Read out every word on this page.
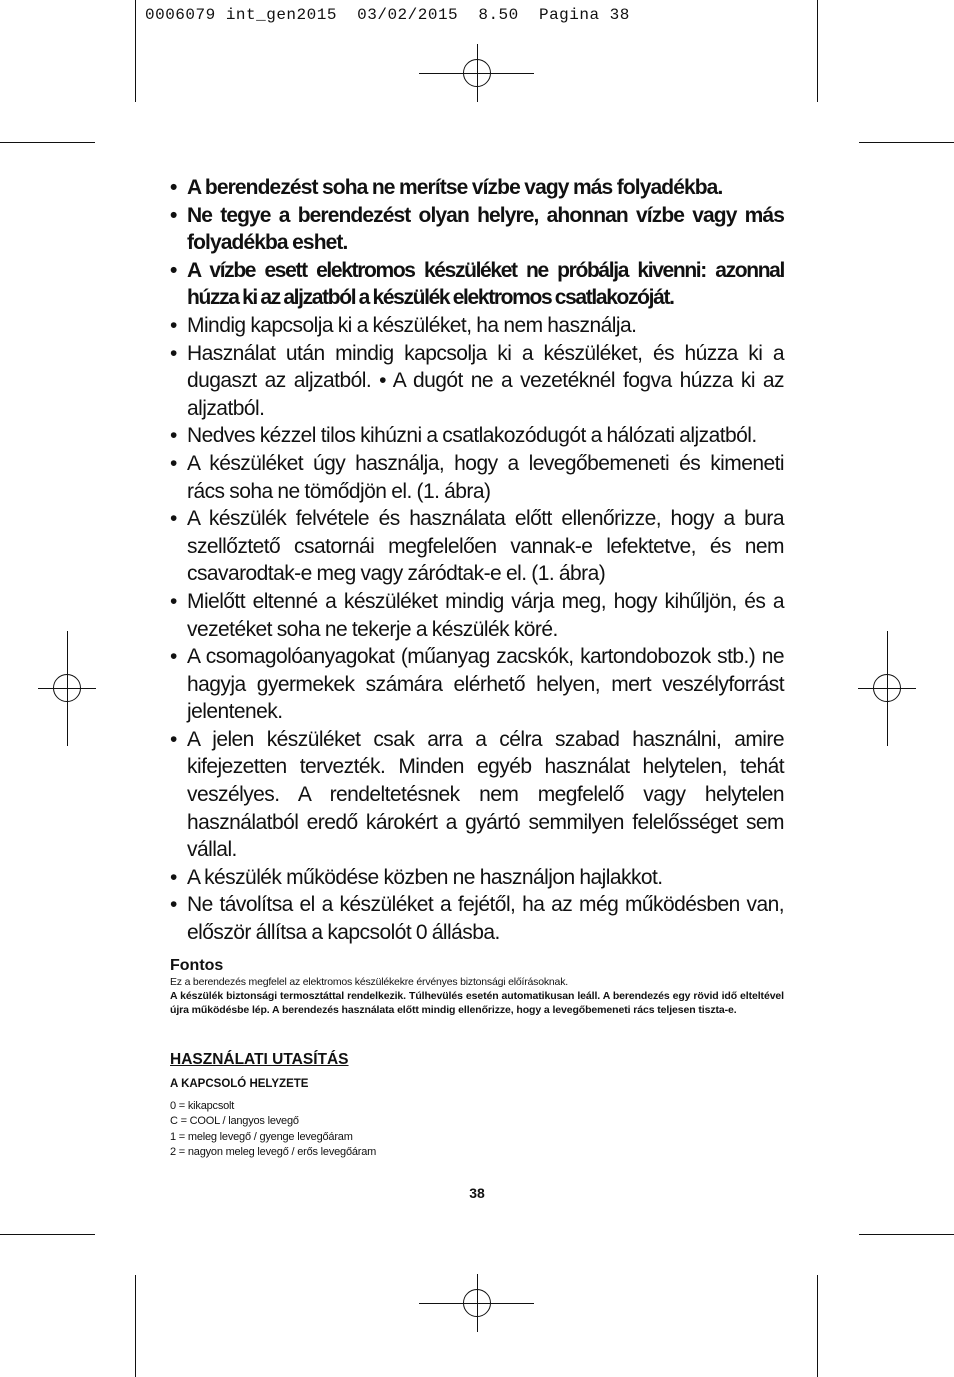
0006079 int_gen2015  03/02/2015  8.50  Pagina 38
• A berendezést soha ne merítse vízbe vagy más folyadékba.
• Ne tegye a berendezést olyan helyre, ahonnan vízbe vagy más folyadékba eshet.
• A vízbe esett elektromos készüléket ne próbálja kivenni: azonnal húzza ki az aljzatból a készülék elektromos csatlakozóját.
• Mindig kapcsolja ki a készüléket, ha nem használja.
• Használat után mindig kapcsolja ki a készüléket, és húzza ki a dugaszt az aljzatból. • A dugót ne a vezetéknél fogva húzza ki az aljzatból.
• Nedves kézzel tilos kihúzni a csatlakozódugót a hálózati aljzatból.
• A készüléket úgy használja, hogy a levegőbemeneti és kimeneti rács soha ne tömődjön el. (1. ábra)
• A készülék felvétele és használata előtt ellenőrizze, hogy a bura szellőztető csatornái megfelelően vannak-e lefektetve, és nem csavarodtak-e meg vagy záródtak-e el. (1. ábra)
• Mielőtt eltenné a készüléket mindig várja meg, hogy kihűljön, és a vezetéket soha ne tekerje a készülék köré.
• A csomagolóanyagokat (műanyag zacskók, kartondobozok stb.) ne hagyja gyermekek számára elérhető helyen, mert veszélyforrást jelentenek.
• A jelen készüléket csak arra a célra szabad használni, amire kifejezetten tervezték. Minden egyéb használat helytelen, tehát veszélyes. A rendeltetésnek nem megfelelő vagy helytelen használatból eredő károkért a gyártó semmilyen felelősséget sem vállal.
• A készülék működése közben ne használjon hajlakkot.
• Ne távolítsa el a készüléket a fejétől, ha az még működésben van, először állítsa a kapcsolót 0 állásba.
Fontos

Ez a berendezés megfelel az elektromos készülékekre érvényes biztonsági előírásoknak.

A készülék biztonsági termosztáttal rendelkezik. Túlhevülés esetén automatikusan leáll. A berendezés egy rövid idő elteltével újra működésbe lép. A berendezés használata előtt mindig ellenőrizze, hogy a levegőbemeneti rács teljesen tiszta-e.

HASZNÁLATI UTASÍTÁS
A KAPCSOLÓ HELYZETE
0 = kikapcsolt
C = COOL / langyos levegő
1 = meleg levegő / gyenge levegőáram
2 = nagyon meleg levegő / erős levegőáram
38
